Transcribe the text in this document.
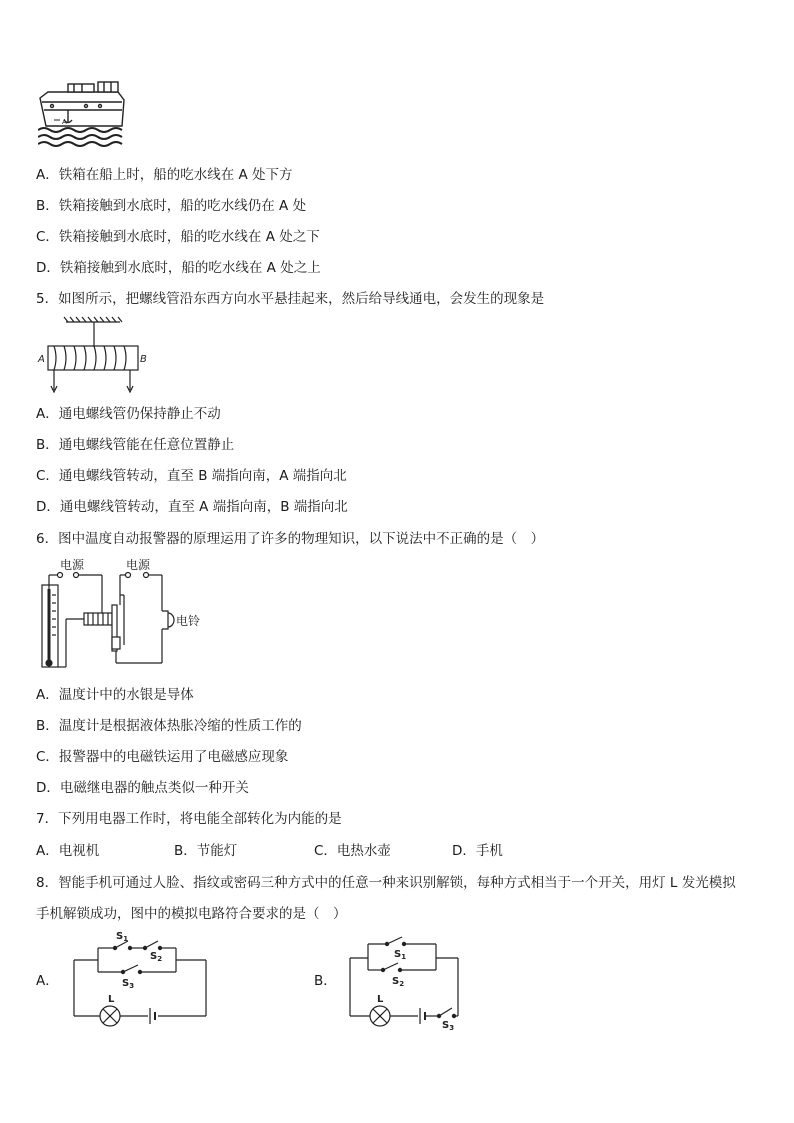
A
A．铁箱在船上时，船的吃水线在 A 处下方
B．铁箱接触到水底时，船的吃水线仍在 A 处
C．铁箱接触到水底时，船的吃水线在 A 处之下
D．铁箱接触到水底时，船的吃水线在 A 处之上
5．如图所示，把螺线管沿东西方向水平悬挂起来，然后给导线通电，会发生的现象是
A	B
A．通电螺线管仍保持静止不动
B．通电螺线管能在任意位置静止
C．通电螺线管转动，直至 B 端指向南，A 端指向北
D．通电螺线管转动，直至 A 端指向南，B 端指向北
6．图中温度自动报警器的原理运用了许多的物理知识，以下说法中不正确的是（　）
电源	电源
电铃
A．温度计中的水银是导体
B．温度计是根据液体热胀冷缩的性质工作的
C．报警器中的电磁铁运用了电磁感应现象
D．电磁继电器的触点类似一种开关
7．下列用电器工作时，将电能全部转化为内能的是
A．电视机	B．节能灯	C．电热水壶	D．手机
8．智能手机可通过人脸、指纹或密码三种方式中的任意一种来识别解锁，每种方式相当于一个开关，用灯 L 发光模拟
手机解锁成功，图中的模拟电路符合要求的是（　）
A．
$S_1$
$S_2$
$S_3$
L
B．
$S_1$
$S_2$
$S_3$
L
